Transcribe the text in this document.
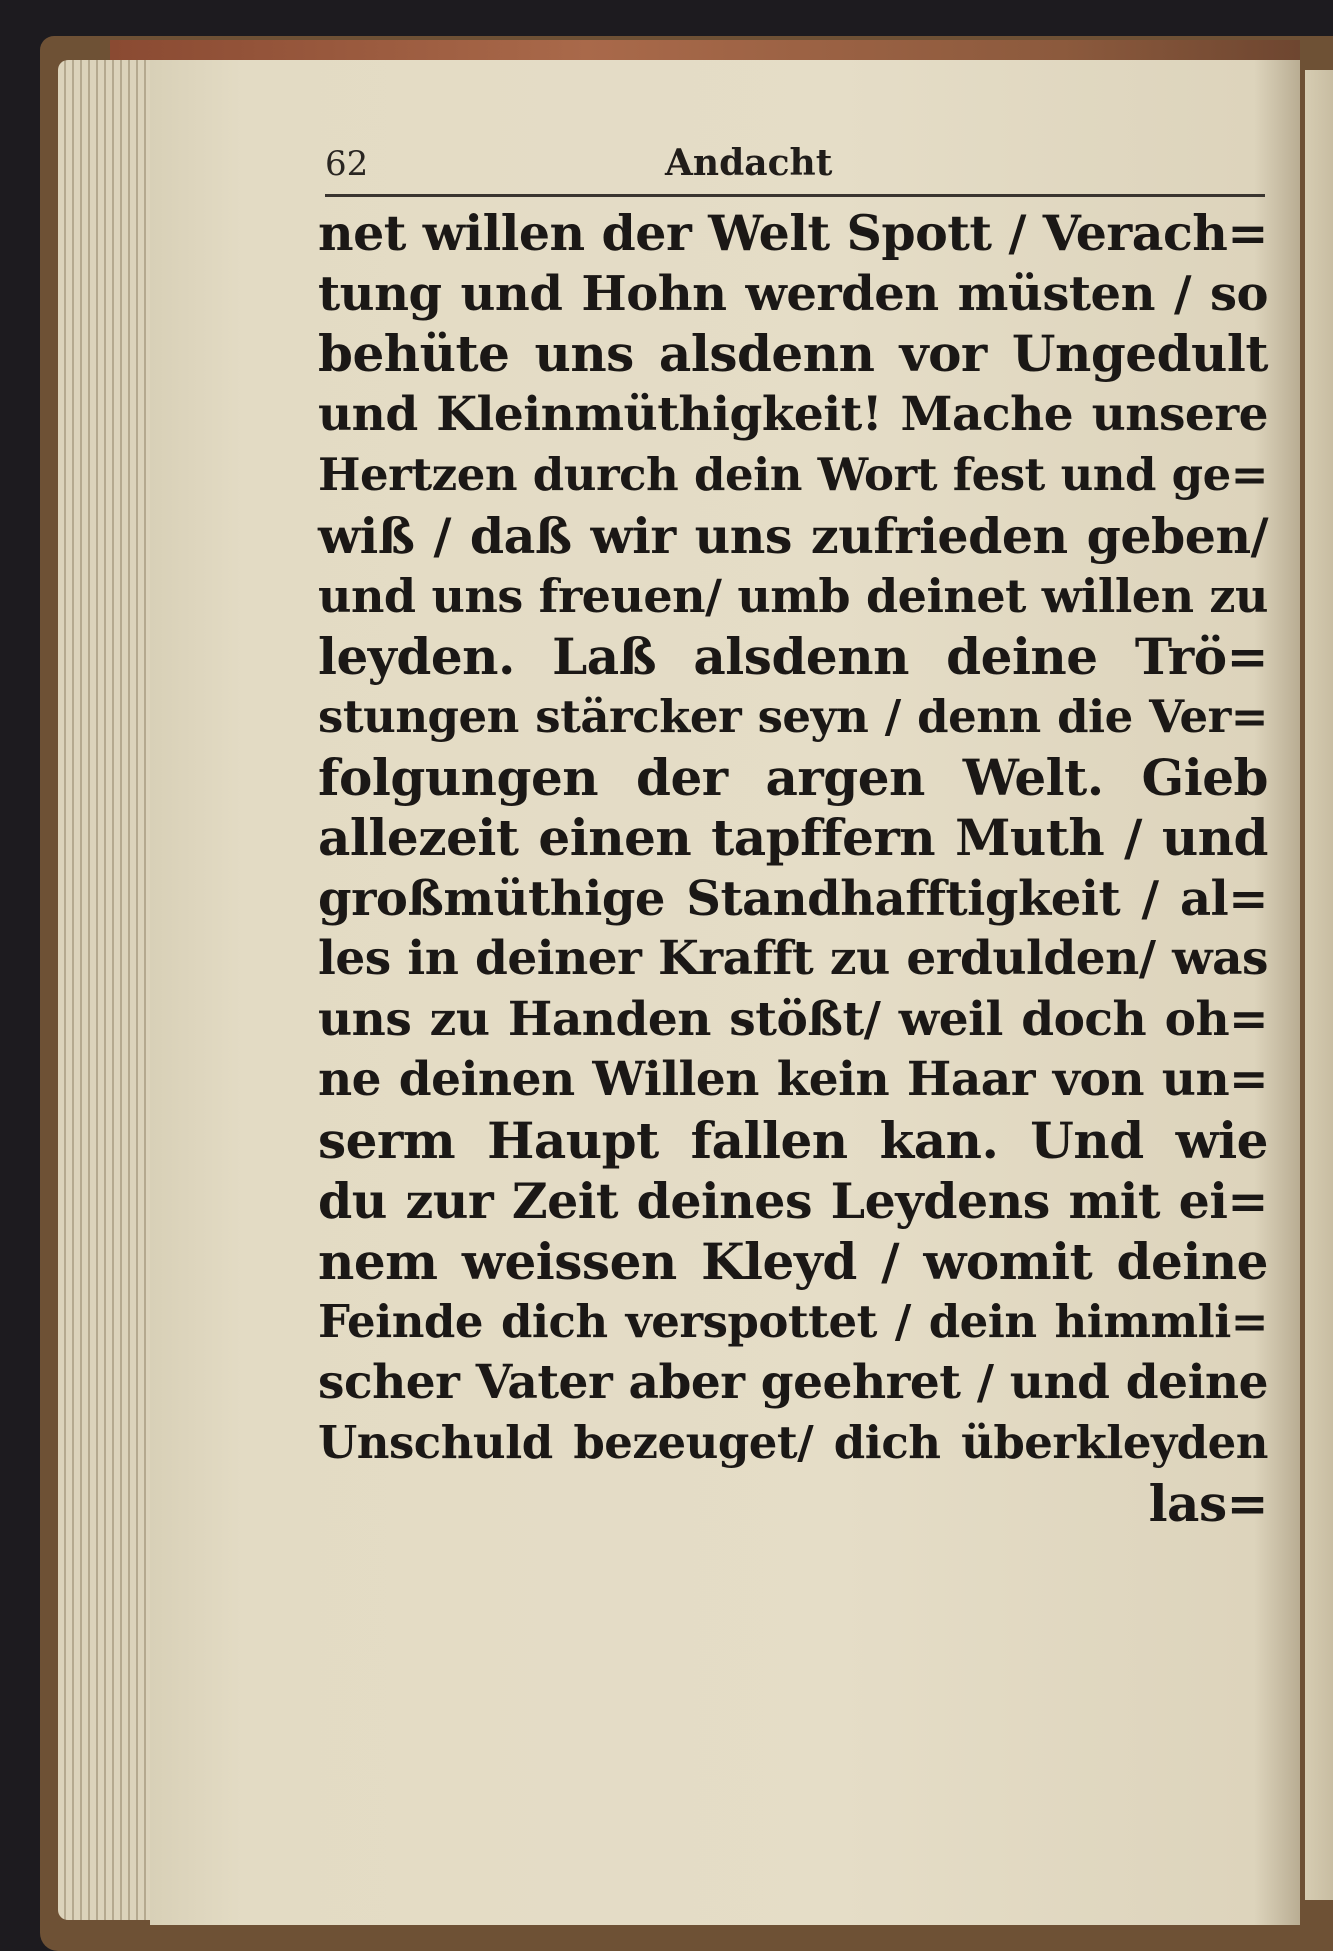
62	Andacht
net willen der Welt Spott / Verach=
tung und Hohn werden müsten / so
behüte uns alsdenn vor Ungedult
und Kleinmüthigkeit! Mache unsere
Hertzen durch dein Wort fest und ge=
wiß / daß wir uns zufrieden geben/
und uns freuen/ umb deinet willen zu
leyden. Laß alsdenn deine Trö=
stungen stärcker seyn / denn die Ver=
folgungen der argen Welt. Gieb
allezeit einen tapffern Muth / und
großmüthige Standhafftigkeit / al=
les in deiner Krafft zu erdulden/ was
uns zu Handen stößt/ weil doch oh=
ne deinen Willen kein Haar von un=
serm Haupt fallen kan. Und wie
du zur Zeit deines Leydens mit ei=
nem weissen Kleyd / womit deine
Feinde dich verspottet / dein himmli=
scher Vater aber geehret / und deine
Unschuld bezeuget/ dich überkleyden
las=
